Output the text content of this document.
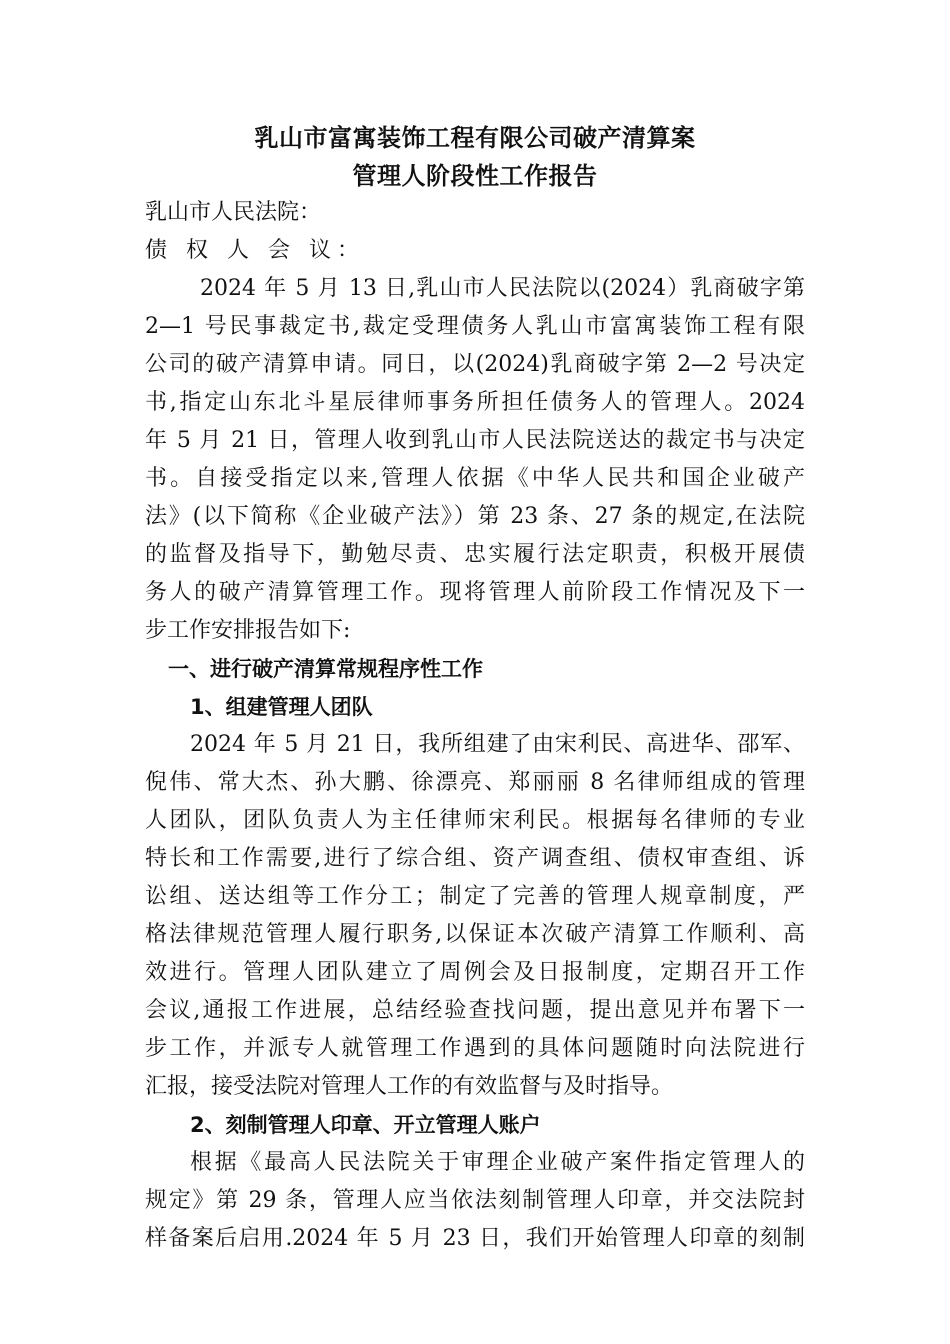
乳山市富寓装饰工程有限公司破产清算案
管理人阶段性工作报告
乳山市人民法院：
债 权 人 会 议：
2024 年 5 月 13 日,乳山市人民法院以(2024）乳商破字第
2—1 号民事裁定书,裁定受理债务人乳山市富寓装饰工程有限
公司的破产清算申请。同日，以(2024)乳商破字第 2—2 号决定
书,指定山东北斗星辰律师事务所担任债务人的管理人。2024
年 5 月 21 日，管理人收到乳山市人民法院送达的裁定书与决定
书。自接受指定以来,管理人依据《中华人民共和国企业破产
法》(以下简称《企业破产法》）第 23 条、27 条的规定,在法院
的监督及指导下，勤勉尽责、忠实履行法定职责，积极开展债
务人的破产清算管理工作。现将管理人前阶段工作情况及下一
步工作安排报告如下:
一、进行破产清算常规程序性工作
1、组建管理人团队
2024 年 5 月 21 日，我所组建了由宋利民、高进华、邵军、
倪伟、常大杰、孙大鹏、徐漂亮、郑丽丽 8 名律师组成的管理
人团队，团队负责人为主任律师宋利民。根据每名律师的专业
特长和工作需要,进行了综合组、资产调查组、债权审查组、诉
讼组、送达组等工作分工；制定了完善的管理人规章制度，严
格法律规范管理人履行职务,以保证本次破产清算工作顺利、高
效进行。管理人团队建立了周例会及日报制度，定期召开工作
会议,通报工作进展，总结经验查找问题，提出意见并布署下一
步工作，并派专人就管理工作遇到的具体问题随时向法院进行
汇报，接受法院对管理人工作的有效监督与及时指导。
2、刻制管理人印章、开立管理人账户
根据《最高人民法院关于审理企业破产案件指定管理人的
规定》第 29 条，管理人应当依法刻制管理人印章，并交法院封
样备案后启用.2024 年 5 月 23 日，我们开始管理人印章的刻制
